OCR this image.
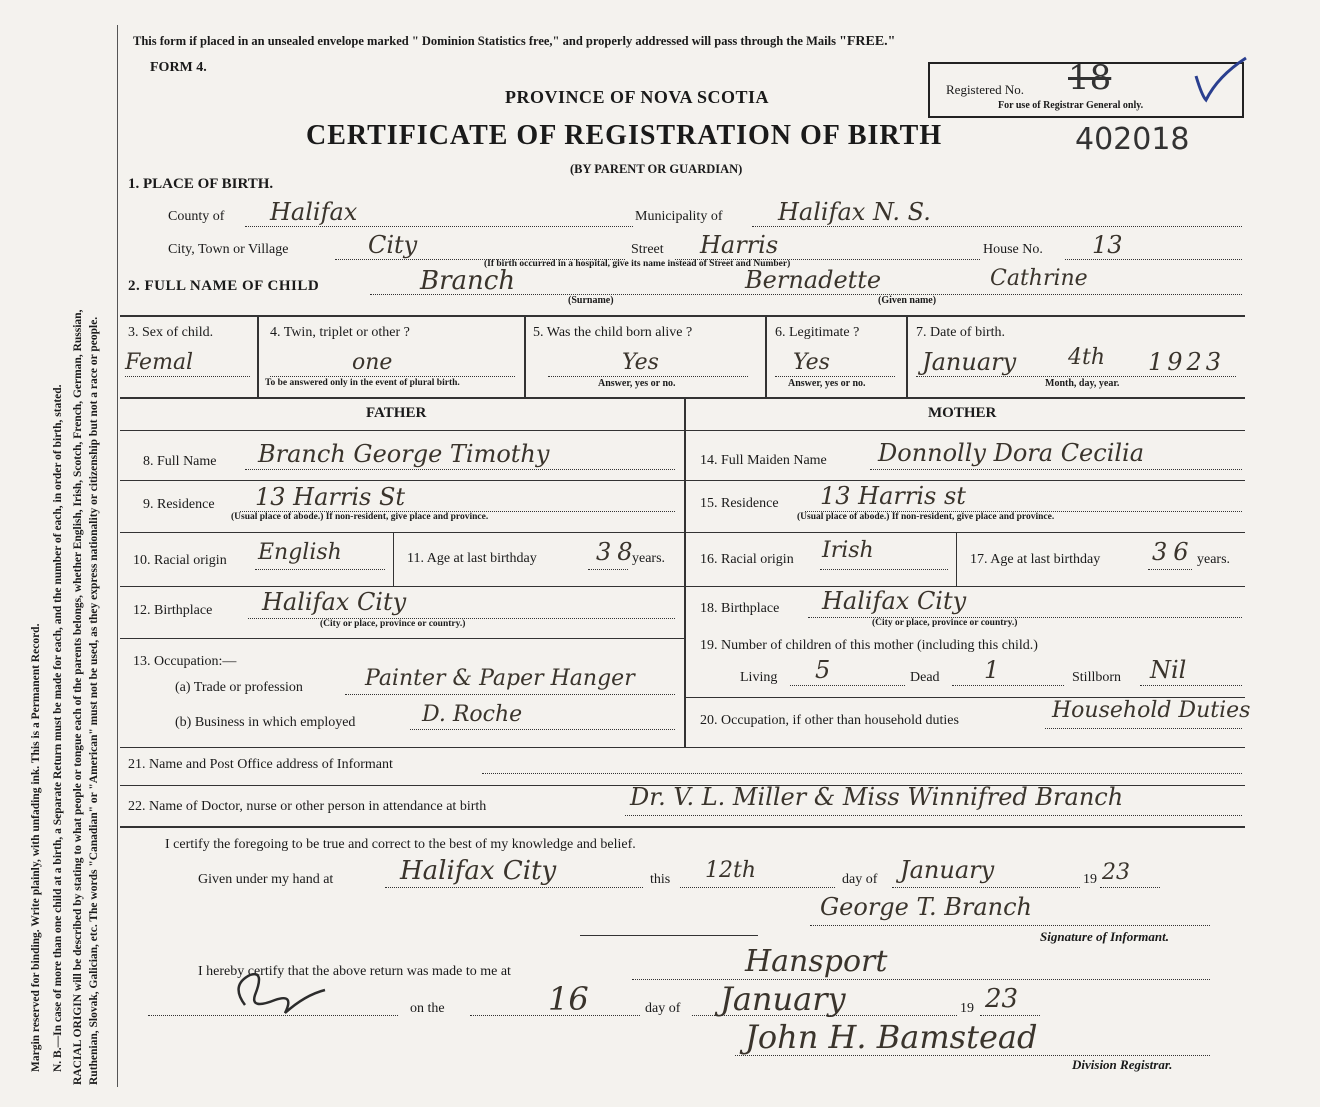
Margin reserved for binding. Write plainly, with unfading ink. This is a Permanent Record. N. B.—In case of more than one child at a birth, a Separate Return must be made for each, and the number of each, in order of birth, stated. RACIAL ORIGIN will be described by stating to what people or tongue each of the parents belongs, whether English, Irish, Scotch, French, German, Russian, Ruthenian, Slovak, Galician, etc. The words "Canadian" or "American" must not be used, as they express nationality or citizenship but not a race or people.
This form if placed in an unsealed envelope marked " Dominion Statistics free," and properly addressed will pass through the Mails "FREE."
FORM 4.
PROVINCE OF NOVA SCOTIA
CERTIFICATE OF REGISTRATION OF BIRTH	402018
(BY PARENT OR GUARDIAN)
Registered No. 18
For use of Registrar General only.
1. PLACE OF BIRTH.
County of Halifax	Municipality of Halifax N. S.
City, Town or Village	City	Street Harris	House No. 13
(If birth occurred in a hospital, give its name instead of Street and Number)
2. FULL NAME OF CHILD	Branch
(Surname)
Bernadette	Cathrine
(Given name)
3. Sex of child.
Femal
4. Twin, triplet or other ?
one
To be answered only in the event of plural birth.
5. Was the child born alive ?
Yes
Answer, yes or no.
6. Legitimate ?
Yes
Answer, yes or no.
7. Date of birth.
January 4th 1923
Month, day, year.
FATHER	MOTHER
8. Full Name Branch George Timothy
9. Residence 13 Harris St
(Usual place of abode.) If non-resident, give place and province.
10. Racial origin English	11. Age at last birthday 38
years.
12. Birthplace Halifax City
(City or place, province or country.)
13. Occupation:—
(a) Trade or profession	Painter & Paper Hanger
(b) Business in which employed	D. Roche
14. Full Maiden Name Donnolly Dora Cecilia
15. Residence 13 Harris st
(Usual place of abode.) If non-resident, give place and province.
16. Racial origin Irish	17. Age at last birthday 36 years.
18. Birthplace Halifax City
(City or place, province or country.)
19. Number of children of this mother (including this child.)
Living 5	Dead 1	Stillborn Nil
20. Occupation, if other than household duties	Household Duties
21. Name and Post Office address of Informant
22. Name of Doctor, nurse or other person in attendance at birth	Dr. V. L. Miller & Miss Winnifred Branch
I certify the foregoing to be true and correct to the best of my knowledge and belief.
Given under my hand at	Halifax City	this 12th	day of January	19 23
George T. Branch
Signature of Informant.
I hereby certify that the above return was made to me at	Hansport
on the	16	day of January	19 23
John H. Bamstead
Division Registrar.
